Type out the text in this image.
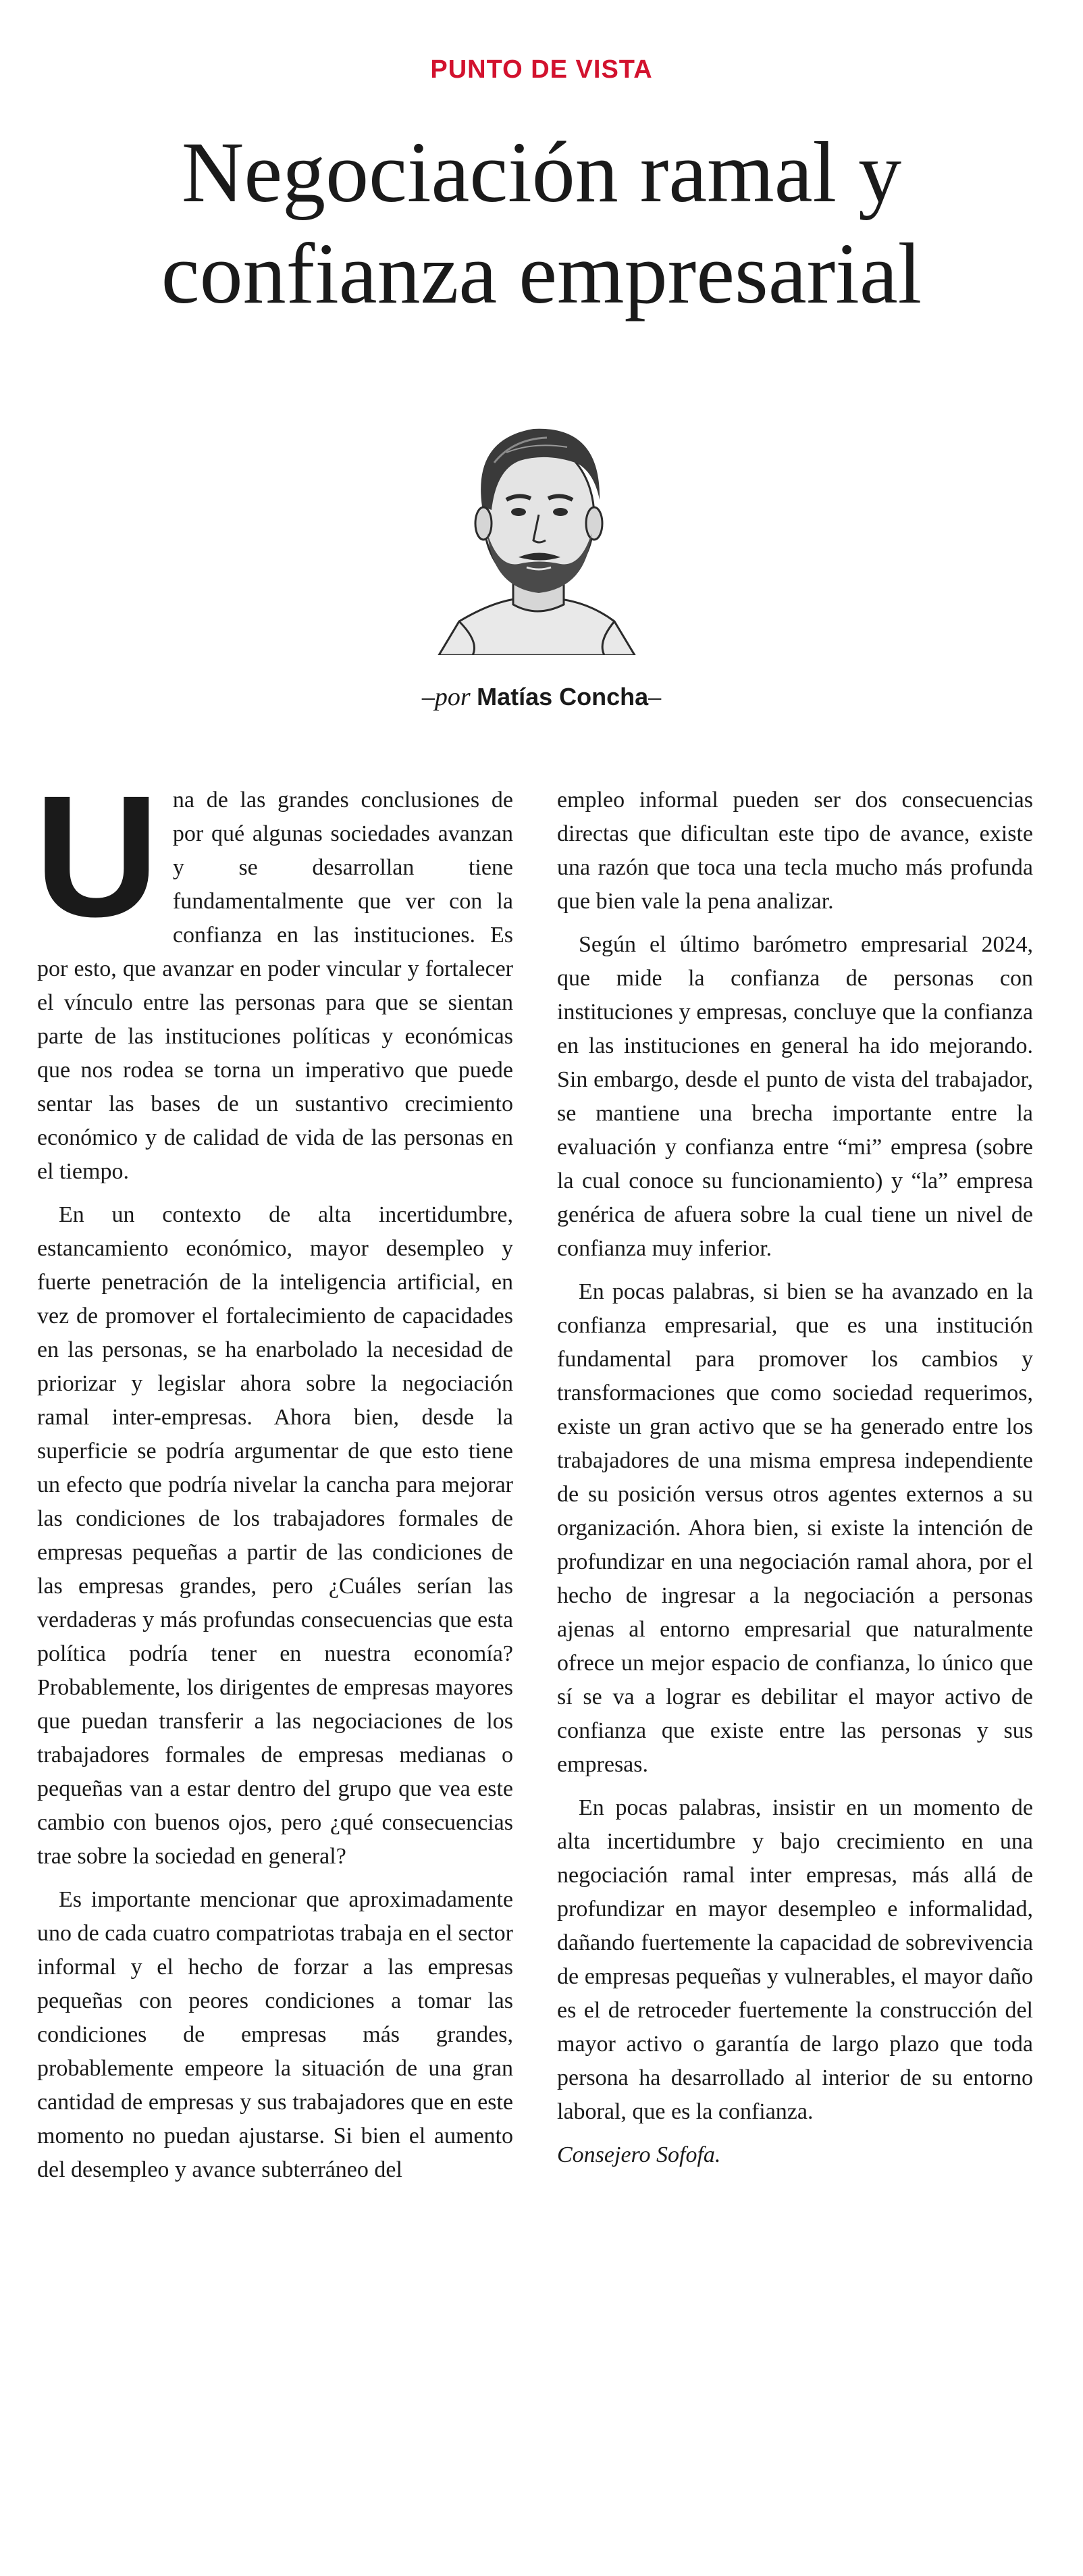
PUNTO DE VISTA
Negociación ramal y
confianza empresarial
–por Matías Concha–

Una de las grandes conclusiones de por qué algunas sociedades avanzan y se desarrollan tiene fundamentalmente que ver con la confianza en las instituciones. Es por esto, que avanzar en poder vincular y fortalecer el vínculo entre las personas para que se sientan parte de las instituciones políticas y económicas que nos rodea se torna un imperativo que puede sentar las bases de un sustantivo crecimiento económico y de calidad de vida de las personas en el tiempo.

En un contexto de alta incertidumbre, estancamiento económico, mayor desempleo y fuerte penetración de la inteligencia artificial, en vez de promover el fortalecimiento de capacidades en las personas, se ha enarbolado la necesidad de priorizar y legislar ahora sobre la negociación ramal inter-empresas. Ahora bien, desde la superficie se podría argumentar de que esto tiene un efecto que podría nivelar la cancha para mejorar las condiciones de los trabajadores formales de empresas pequeñas a partir de las condiciones de las empresas grandes, pero ¿Cuáles serían las verdaderas y más profundas consecuencias que esta política podría tener en nuestra economía? Probablemente, los dirigentes de empresas mayores que puedan transferir a las negociaciones de los trabajadores formales de empresas medianas o pequeñas van a estar dentro del grupo que vea este cambio con buenos ojos, pero ¿qué consecuencias trae sobre la sociedad en general?

Es importante mencionar que aproximadamente uno de cada cuatro compatriotas trabaja en el sector informal y el hecho de forzar a las empresas pequeñas con peores condiciones a tomar las condiciones de empresas más grandes, probablemente empeore la situación de una gran cantidad de empresas y sus trabajadores que en este momento no puedan ajustarse. Si bien el aumento del desempleo y avance subterráneo del

empleo informal pueden ser dos consecuencias directas que dificultan este tipo de avance, existe una razón que toca una tecla mucho más profunda que bien vale la pena analizar.

Según el último barómetro empresarial 2024, que mide la confianza de personas con instituciones y empresas, concluye que la confianza en las instituciones en general ha ido mejorando. Sin embargo, desde el punto de vista del trabajador, se mantiene una brecha importante entre la evaluación y confianza entre “mi” empresa (sobre la cual conoce su funcionamiento) y “la” empresa genérica de afuera sobre la cual tiene un nivel de confianza muy inferior.

En pocas palabras, si bien se ha avanzado en la confianza empresarial, que es una institución fundamental para promover los cambios y transformaciones que como sociedad requerimos, existe un gran activo que se ha generado entre los trabajadores de una misma empresa independiente de su posición versus otros agentes externos a su organización. Ahora bien, si existe la intención de profundizar en una negociación ramal ahora, por el hecho de ingresar a la negociación a personas ajenas al entorno empresarial que naturalmente ofrece un mejor espacio de confianza, lo único que sí se va a lograr es debilitar el mayor activo de confianza que existe entre las personas y sus empresas.

En pocas palabras, insistir en un momento de alta incertidumbre y bajo crecimiento en una negociación ramal inter empresas, más allá de profundizar en mayor desempleo e informalidad, dañando fuertemente la capacidad de sobrevivencia de empresas pequeñas y vulnerables, el mayor daño es el de retroceder fuertemente la construcción del mayor activo o garantía de largo plazo que toda persona ha desarrollado al interior de su entorno laboral, que es la confianza.

Consejero Sofofa.
